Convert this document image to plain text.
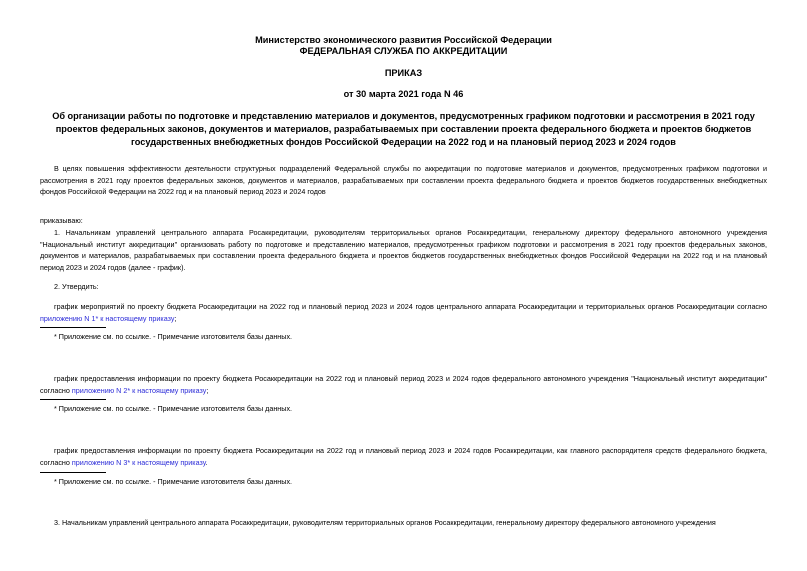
Министерство экономического развития Российской Федерации

ФЕДЕРАЛЬНАЯ СЛУЖБА ПО АККРЕДИТАЦИИ

ПРИКАЗ

от 30 марта 2021 года N 46

Об организации работы по подготовке и представлению материалов и документов, предусмотренных графиком подготовки и рассмотрения в 2021 году проектов федеральных законов, документов и материалов, разрабатываемых при составлении проекта федерального бюджета и проектов бюджетов государственных внебюджетных фондов Российской Федерации на 2022 год и на плановый период 2023 и 2024 годов

В целях повышения эффективности деятельности структурных подразделений Федеральной службы по аккредитации по подготовке материалов и документов, предусмотренных графиком подготовки и рассмотрения в 2021 году проектов федеральных законов, документов и материалов, разрабатываемых при составлении проекта федерального бюджета и проектов бюджетов государственных внебюджетных фондов Российской Федерации на 2022 год и на плановый период 2023 и 2024 годов

приказываю:

1. Начальникам управлений центрального аппарата Росаккредитации, руководителям территориальных органов Росаккредитации, генеральному директору федерального автономного учреждения "Национальный институт аккредитации" организовать работу по подготовке и представлению материалов, предусмотренных графиком подготовки и рассмотрения в 2021 году проектов федеральных законов, документов и материалов, разрабатываемых при составлении проекта федерального бюджета и проектов бюджетов государственных внебюджетных фондов Российской Федерации на 2022 год и на плановый период 2023 и 2024 годов (далее - график).

2. Утвердить:

график мероприятий по проекту бюджета Росаккредитации на 2022 год и плановый период 2023 и 2024 годов центрального аппарата Росаккредитации и территориальных органов Росаккредитации согласно приложению N 1* к настоящему приказу;

* Приложение см. по ссылке. - Примечание изготовителя базы данных.

график предоставления информации по проекту бюджета Росаккредитации на 2022 год и плановый период 2023 и 2024 годов федерального автономного учреждения "Национальный институт аккредитации" согласно приложению N 2* к настоящему приказу;

* Приложение см. по ссылке. - Примечание изготовителя базы данных.

график предоставления информации по проекту бюджета Росаккредитации на 2022 год и плановый период 2023 и 2024 годов Росаккредитации, как главного распорядителя средств федерального бюджета, согласно приложению N 3* к настоящему приказу.

* Приложение см. по ссылке. - Примечание изготовителя базы данных.

3. Начальникам управлений центрального аппарата Росаккредитации, руководителям территориальных органов Росаккредитации, генеральному директору федерального автономного учреждения
